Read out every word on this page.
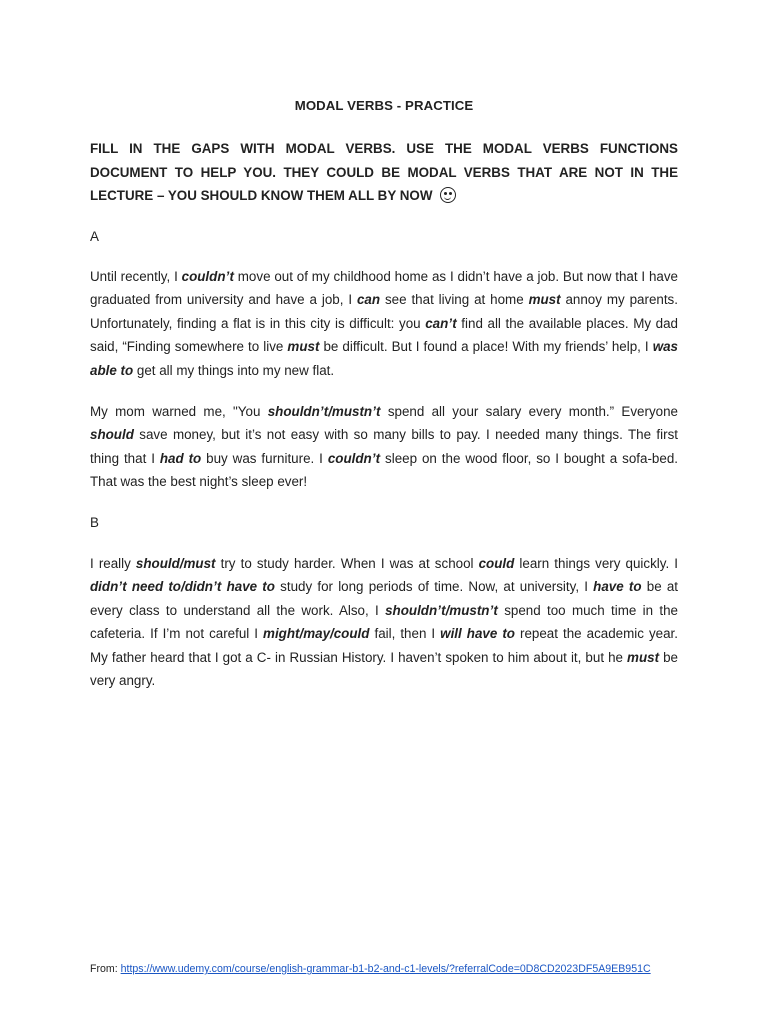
MODAL VERBS - PRACTICE
FILL IN THE GAPS WITH MODAL VERBS. USE THE MODAL VERBS FUNCTIONS DOCUMENT TO HELP YOU. THEY COULD BE MODAL VERBS THAT ARE NOT IN THE LECTURE – YOU SHOULD KNOW THEM ALL BY NOW
A
Until recently, I couldn’t move out of my childhood home as I didn’t have a job. But now that I have graduated from university and have a job, I can see that living at home must annoy my parents. Unfortunately, finding a flat is in this city is difficult: you can’t find all the available places. My dad said, “Finding somewhere to live must be difficult. But I found a place! With my friends’ help, I was able to get all my things into my new flat.
My mom warned me, "You shouldn’t/mustn’t spend all your salary every month.” Everyone should save money, but it’s not easy with so many bills to pay. I needed many things. The first thing that I had to buy was furniture. I couldn’t sleep on the wood floor, so I bought a sofa-bed. That was the best night’s sleep ever!
B
I really should/must try to study harder. When I was at school could learn things very quickly. I didn’t need to/didn’t have to study for long periods of time. Now, at university, I have to be at every class to understand all the work. Also, I shouldn’t/mustn’t spend too much time in the cafeteria. If I’m not careful I might/may/could fail, then I will have to repeat the academic year. My father heard that I got a C- in Russian History. I haven’t spoken to him about it, but he must be very angry.
From: https://www.udemy.com/course/english-grammar-b1-b2-and-c1-levels/?referralCode=0D8CD2023DF5A9EB951C
